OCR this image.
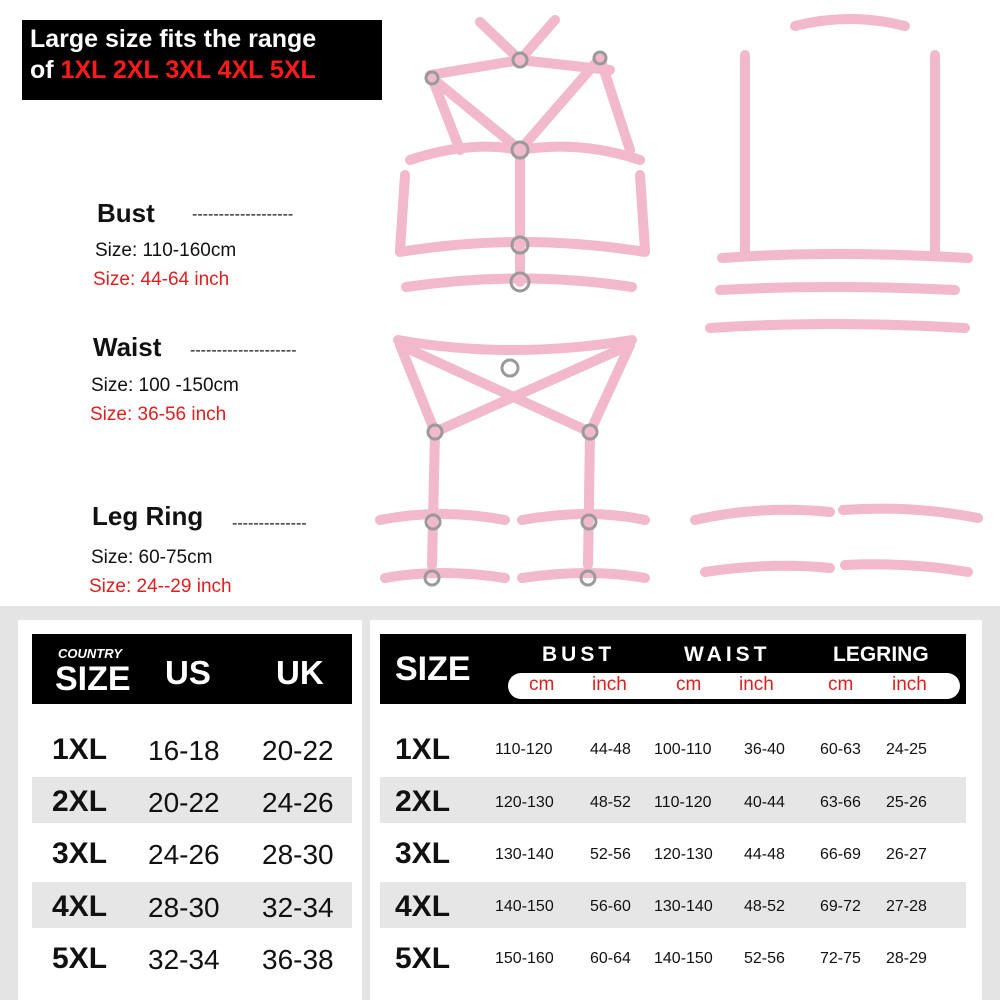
Large size fits the range
of 1XL 2XL 3XL 4XL 5XL
Bust -------------------
Size: 110-160cm
Size: 44-64 inch
Waist --------------------
Size: 100 -150cm
Size: 36-56 inch
Leg Ring --------------
Size: 60-75cm
Size: 24--29 inch
COUNTRY
SIZE US UK SIZE	BUST	WAIST	LEGRING
cm inch	cm inch	cm inch
1XL 16-18 20-22
2XL 20-22 24-26
3XL 24-26 28-30
4XL 28-30 32-34
5XL 32-34 36-38
1XL	110-120 44-48 100-110 36-40 60-63 24-25
2XL	120-130 48-52 110-120 40-44 63-66 25-26
3XL	130-140 52-56 120-130 44-48 66-69 26-27
4XL	140-150 56-60 130-140 48-52 69-72 27-28
5XL	150-160 60-64 140-150 52-56 72-75 28-29
